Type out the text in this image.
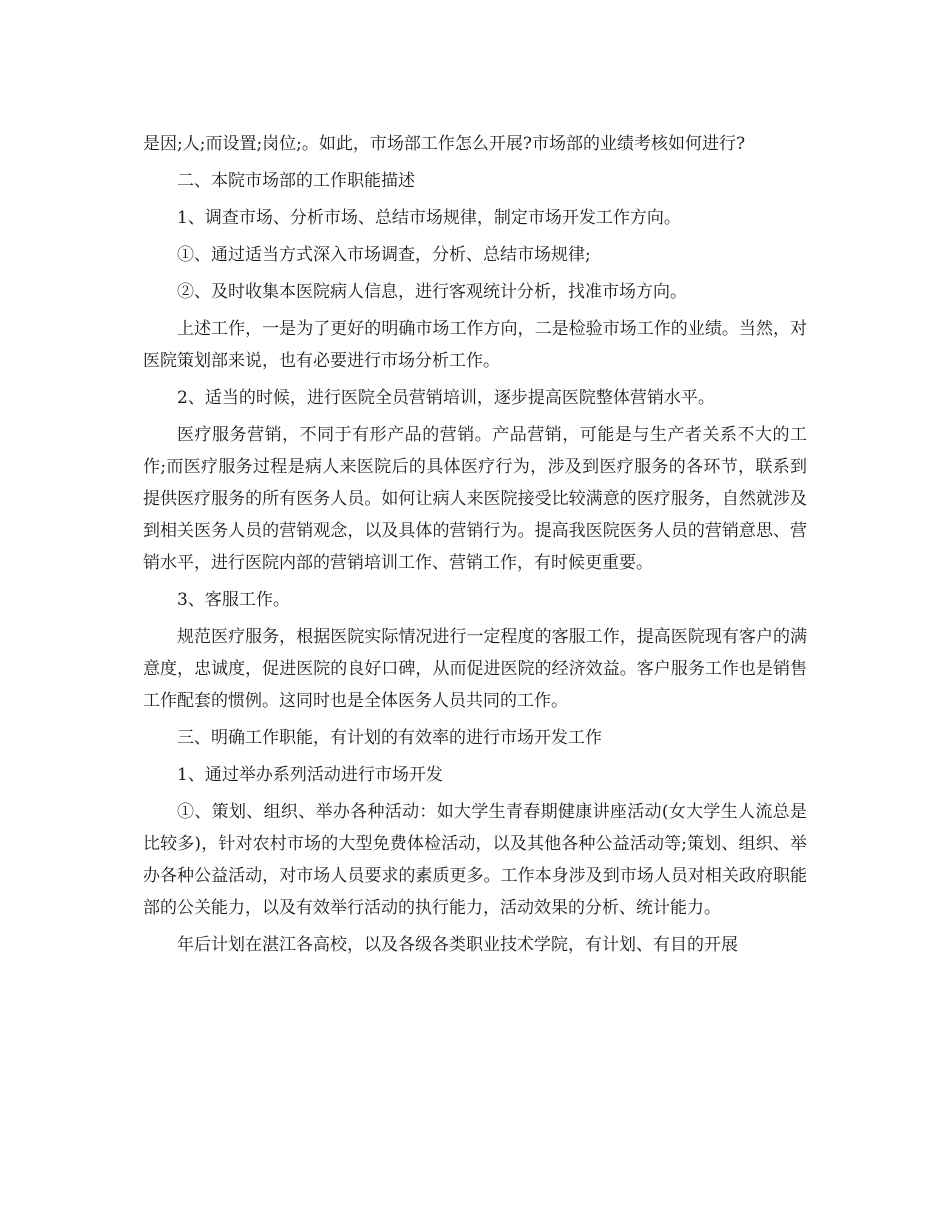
是因;人;而设置;岗位;。如此，市场部工作怎么开展?市场部的业绩考核如何进行?

二、本院市场部的工作职能描述

1、调查市场、分析市场、总结市场规律，制定市场开发工作方向。

①、通过适当方式深入市场调查，分析、总结市场规律;

②、及时收集本医院病人信息，进行客观统计分析，找准市场方向。

上述工作，一是为了更好的明确市场工作方向，二是检验市场工作的业绩。当然，对医院策划部来说，也有必要进行市场分析工作。

2、适当的时候，进行医院全员营销培训，逐步提高医院整体营销水平。

医疗服务营销，不同于有形产品的营销。产品营销，可能是与生产者关系不大的工作;而医疗服务过程是病人来医院后的具体医疗行为，涉及到医疗服务的各环节，联系到提供医疗服务的所有医务人员。如何让病人来医院接受比较满意的医疗服务，自然就涉及到相关医务人员的营销观念，以及具体的营销行为。提高我医院医务人员的营销意思、营销水平，进行医院内部的营销培训工作、营销工作，有时候更重要。

3、客服工作。

规范医疗服务，根据医院实际情况进行一定程度的客服工作，提高医院现有客户的满意度，忠诚度，促进医院的良好口碑，从而促进医院的经济效益。客户服务工作也是销售工作配套的惯例。这同时也是全体医务人员共同的工作。

三、明确工作职能，有计划的有效率的进行市场开发工作

1、通过举办系列活动进行市场开发

①、策划、组织、举办各种活动：如大学生青春期健康讲座活动(女大学生人流总是比较多)，针对农村市场的大型免费体检活动，以及其他各种公益活动等;策划、组织、举办各种公益活动，对市场人员要求的素质更多。工作本身涉及到市场人员对相关政府职能部的公关能力，以及有效举行活动的执行能力，活动效果的分析、统计能力。

年后计划在湛江各高校，以及各级各类职业技术学院，有计划、有目的开展
